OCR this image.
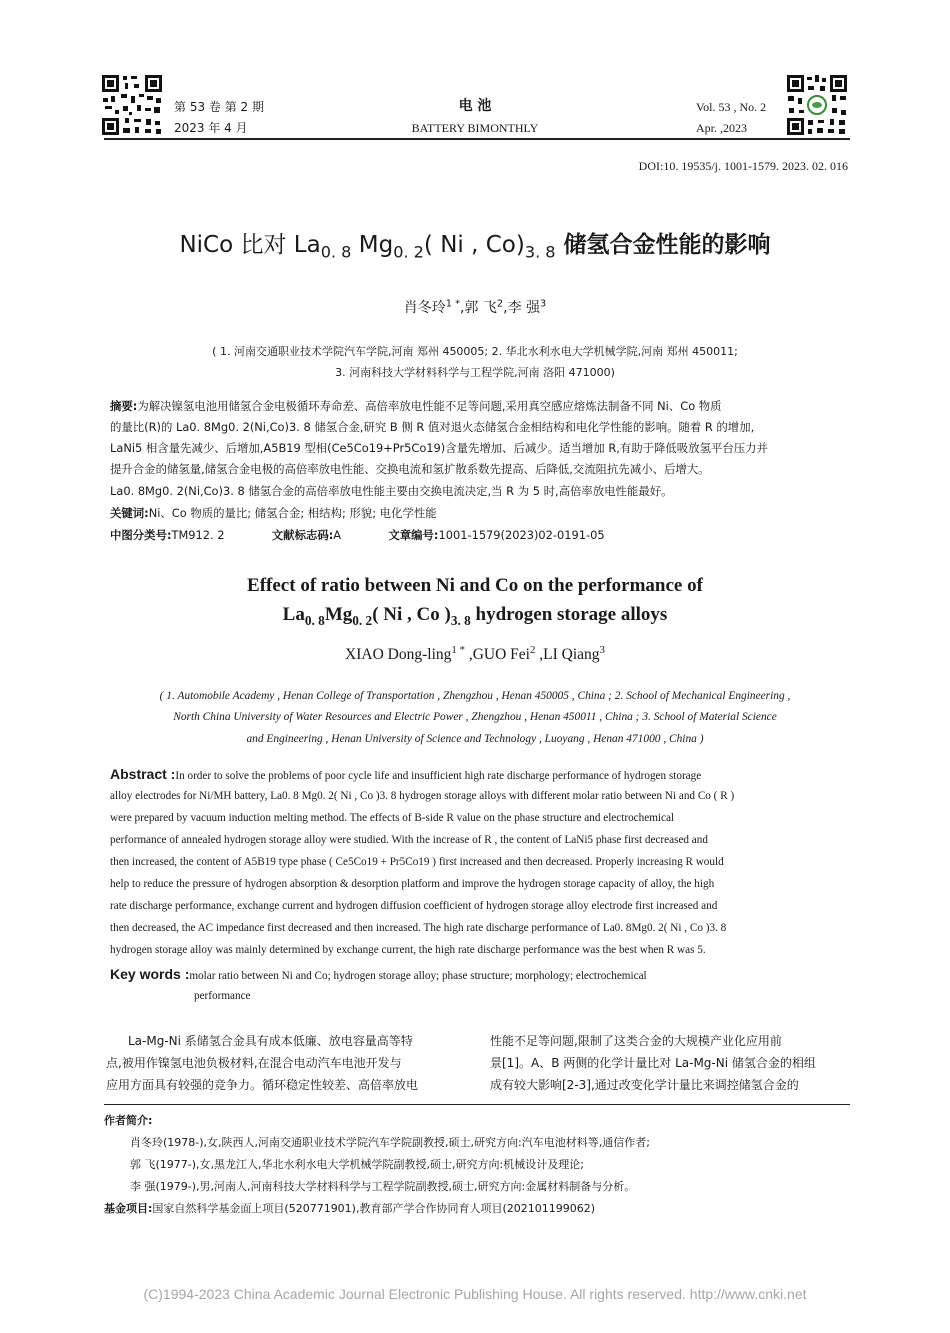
第 53 卷 第 2 期
2023 年 4 月
电 池
BATTERY BIMONTHLY
Vol. 53 , No. 2
Apr. ,2023
DOI:10. 19535/j. 1001-1579. 2023. 02. 016
NiCo 比对 $La_{0. 8}$ $Mg_{0. 2}$( Ni , $Co)_{3. 8}$ 储氢合金性能的影响
肖冬玲$^{1 *}$,郭 飞$^2$,李 强$^3$
( 1. 河南交通职业技术学院汽车学院,河南 郑州 450005; 2. 华北水利水电大学机械学院,河南 郑州 450011;
3. 河南科技大学材料科学与工程学院,河南 洛阳 471000)
摘要:为解决镍氢电池用储氢合金电极循环寿命差、高倍率放电性能不足等问题,采用真空感应熔炼法制备不同 Ni、Co 物质
的量比(R)的 La0. 8Mg0. 2(Ni,Co)3. 8 储氢合金,研究 B 侧 R 值对退火态储氢合金相结构和电化学性能的影响。随着 R 的增加,
LaNi5 相含量先减少、后增加,A5B19 型相(Ce5Co19+Pr5Co19)含量先增加、后减少。适当增加 R,有助于降低吸放氢平台压力并
提升合金的储氢量,储氢合金电极的高倍率放电性能、交换电流和氢扩散系数先提高、后降低,交流阻抗先减小、后增大。
La0. 8Mg0. 2(Ni,Co)3. 8 储氢合金的高倍率放电性能主要由交换电流决定,当 R 为 5 时,高倍率放电性能最好。
关键词:Ni、Co 物质的量比; 储氢合金; 相结构; 形貌; 电化学性能
中图分类号:TM912. 2	文献标志码:A	文章编号:1001-1579(2023)02-0191-05
Effect of ratio between Ni and Co on the performance of
$La_{0. 8}Mg_{0. 2}$( Ni , Co )$_{3. 8}$ hydrogen storage alloys
XIAO Dong-ling$^{1 *}$ ,GUO Fei$^2$ ,LI Qiang$^3$
( 1. Automobile Academy , Henan College of Transportation , Zhengzhou , Henan 450005 , China ; 2. School of Mechanical Engineering ,
North China University of Water Resources and Electric Power , Zhengzhou , Henan 450011 , China ; 3. School of Material Science
and Engineering , Henan University of Science and Technology , Luoyang , Henan 471000 , China )
Abstract :In order to solve the problems of poor cycle life and insufficient high rate discharge performance of hydrogen storage
alloy electrodes for Ni/MH battery, La0. 8 Mg0. 2( Ni , Co )3. 8 hydrogen storage alloys with different molar ratio between Ni and Co ( R )
were prepared by vacuum induction melting method. The effects of B-side R value on the phase structure and electrochemical
performance of annealed hydrogen storage alloy were studied. With the increase of R , the content of LaNi5 phase first decreased and
then increased, the content of A5B19 type phase ( Ce5Co19 + Pr5Co19 ) first increased and then decreased. Properly increasing R would
help to reduce the pressure of hydrogen absorption & desorption platform and improve the hydrogen storage capacity of alloy, the high
rate discharge performance, exchange current and hydrogen diffusion coefficient of hydrogen storage alloy electrode first increased and
then decreased, the AC impedance first decreased and then increased. The high rate discharge performance of La0. 8Mg0. 2( Ni , Co )3. 8
hydrogen storage alloy was mainly determined by exchange current, the high rate discharge performance was the best when R was 5.
Key words :molar ratio between Ni and Co; hydrogen storage alloy; phase structure; morphology; electrochemical
performance
La-Mg-Ni 系储氢合金具有成本低廉、放电容量高等特
点,被用作镍氢电池负极材料,在混合电动汽车电池开发与
应用方面具有较强的竞争力。循环稳定性较差、高倍率放电
性能不足等问题,限制了这类合金的大规模产业化应用前
景[1]。A、B 两侧的化学计量比对 La-Mg-Ni 储氢合金的相组
成有较大影响[2-3],通过改变化学计量比来调控储氢合金的
作者简介:
肖冬玲(1978-),女,陕西人,河南交通职业技术学院汽车学院副教授,硕士,研究方向:汽车电池材料等,通信作者;
郭 飞(1977-),女,黑龙江人,华北水利水电大学机械学院副教授,硕士,研究方向:机械设计及理论;
李 强(1979-),男,河南人,河南科技大学材料科学与工程学院副教授,硕士,研究方向:金属材料制备与分析。
基金项目:国家自然科学基金面上项目(520771901),教育部产学合作协同育人项目(202101199062)
(C)1994-2023 China Academic Journal Electronic Publishing House. All rights reserved. http://www.cnki.net
